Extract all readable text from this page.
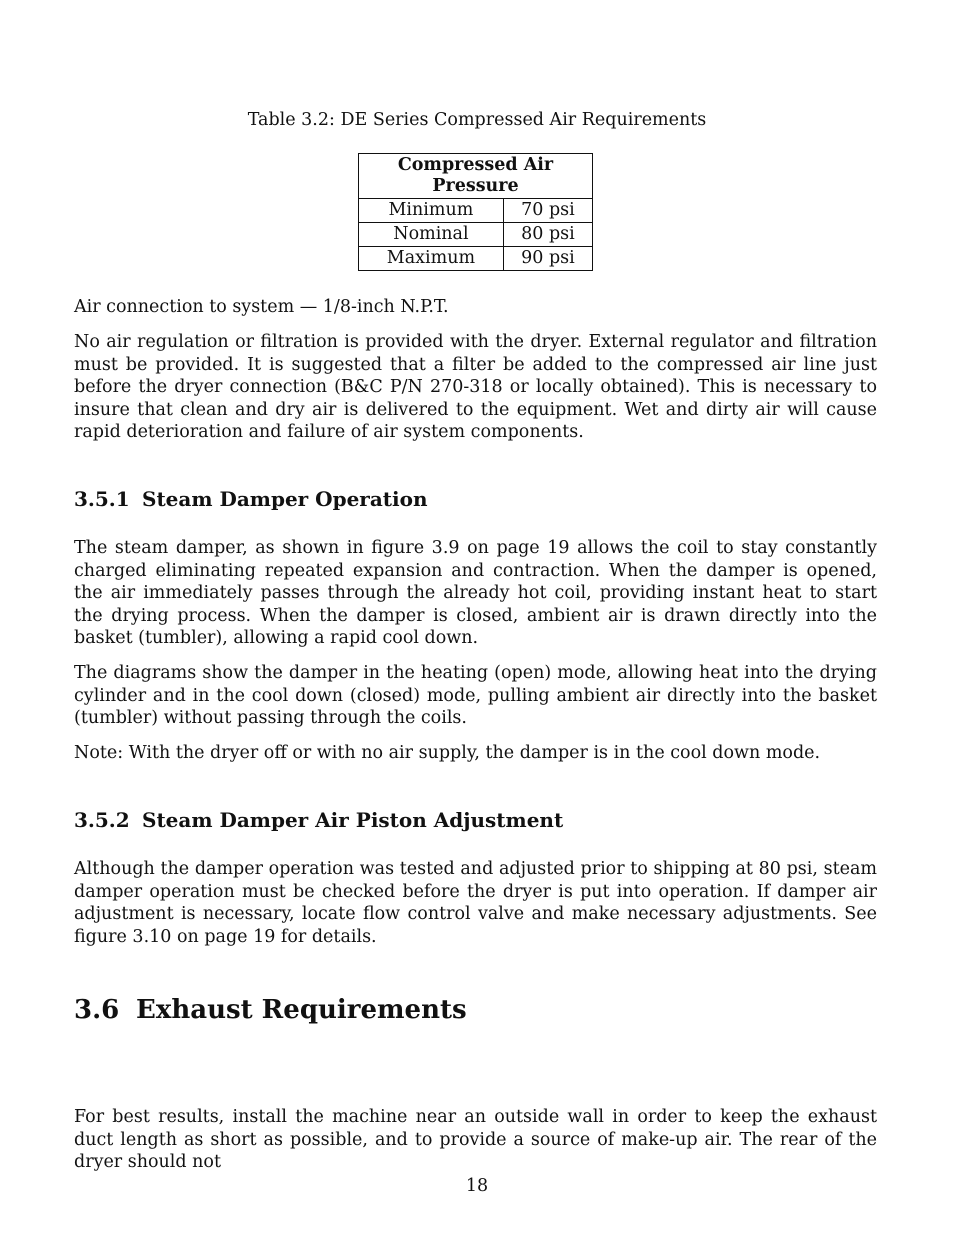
Table 3.2: DE Series Compressed Air Requirements
Compressed Air Pressure	
Minimum	70 psi
Nominal	80 psi
Maximum	90 psi

Air connection to system — 1/8-inch N.P.T.

No air regulation or filtration is provided with the dryer. External regulator and filtration must be provided. It is suggested that a filter be added to the compressed air line just before the dryer connection (B&C P/N 270-318 or locally obtained). This is necessary to insure that clean and dry air is delivered to the equipment. Wet and dirty air will cause rapid deterioration and failure of air system components.

3.5.1 Steam Damper Operation

The steam damper, as shown in figure 3.9 on page 19 allows the coil to stay constantly charged eliminating repeated expansion and contraction. When the damper is opened, the air immediately passes through the already hot coil, providing instant heat to start the drying process. When the damper is closed, ambient air is drawn directly into the basket (tumbler), allowing a rapid cool down.

The diagrams show the damper in the heating (open) mode, allowing heat into the drying cylinder and in the cool down (closed) mode, pulling ambient air directly into the basket (tumbler) without passing through the coils.

Note: With the dryer off or with no air supply, the damper is in the cool down mode.

3.5.2 Steam Damper Air Piston Adjustment

Although the damper operation was tested and adjusted prior to shipping at 80 psi, steam damper operation must be checked before the dryer is put into operation. If damper air adjustment is necessary, locate flow control valve and make necessary adjustments. See figure 3.10 on page 19 for details.

3.6 Exhaust Requirements

For best results, install the machine near an outside wall in order to keep the exhaust duct length as short as possible, and to provide a source of make-up air. The rear of the dryer should not

18
